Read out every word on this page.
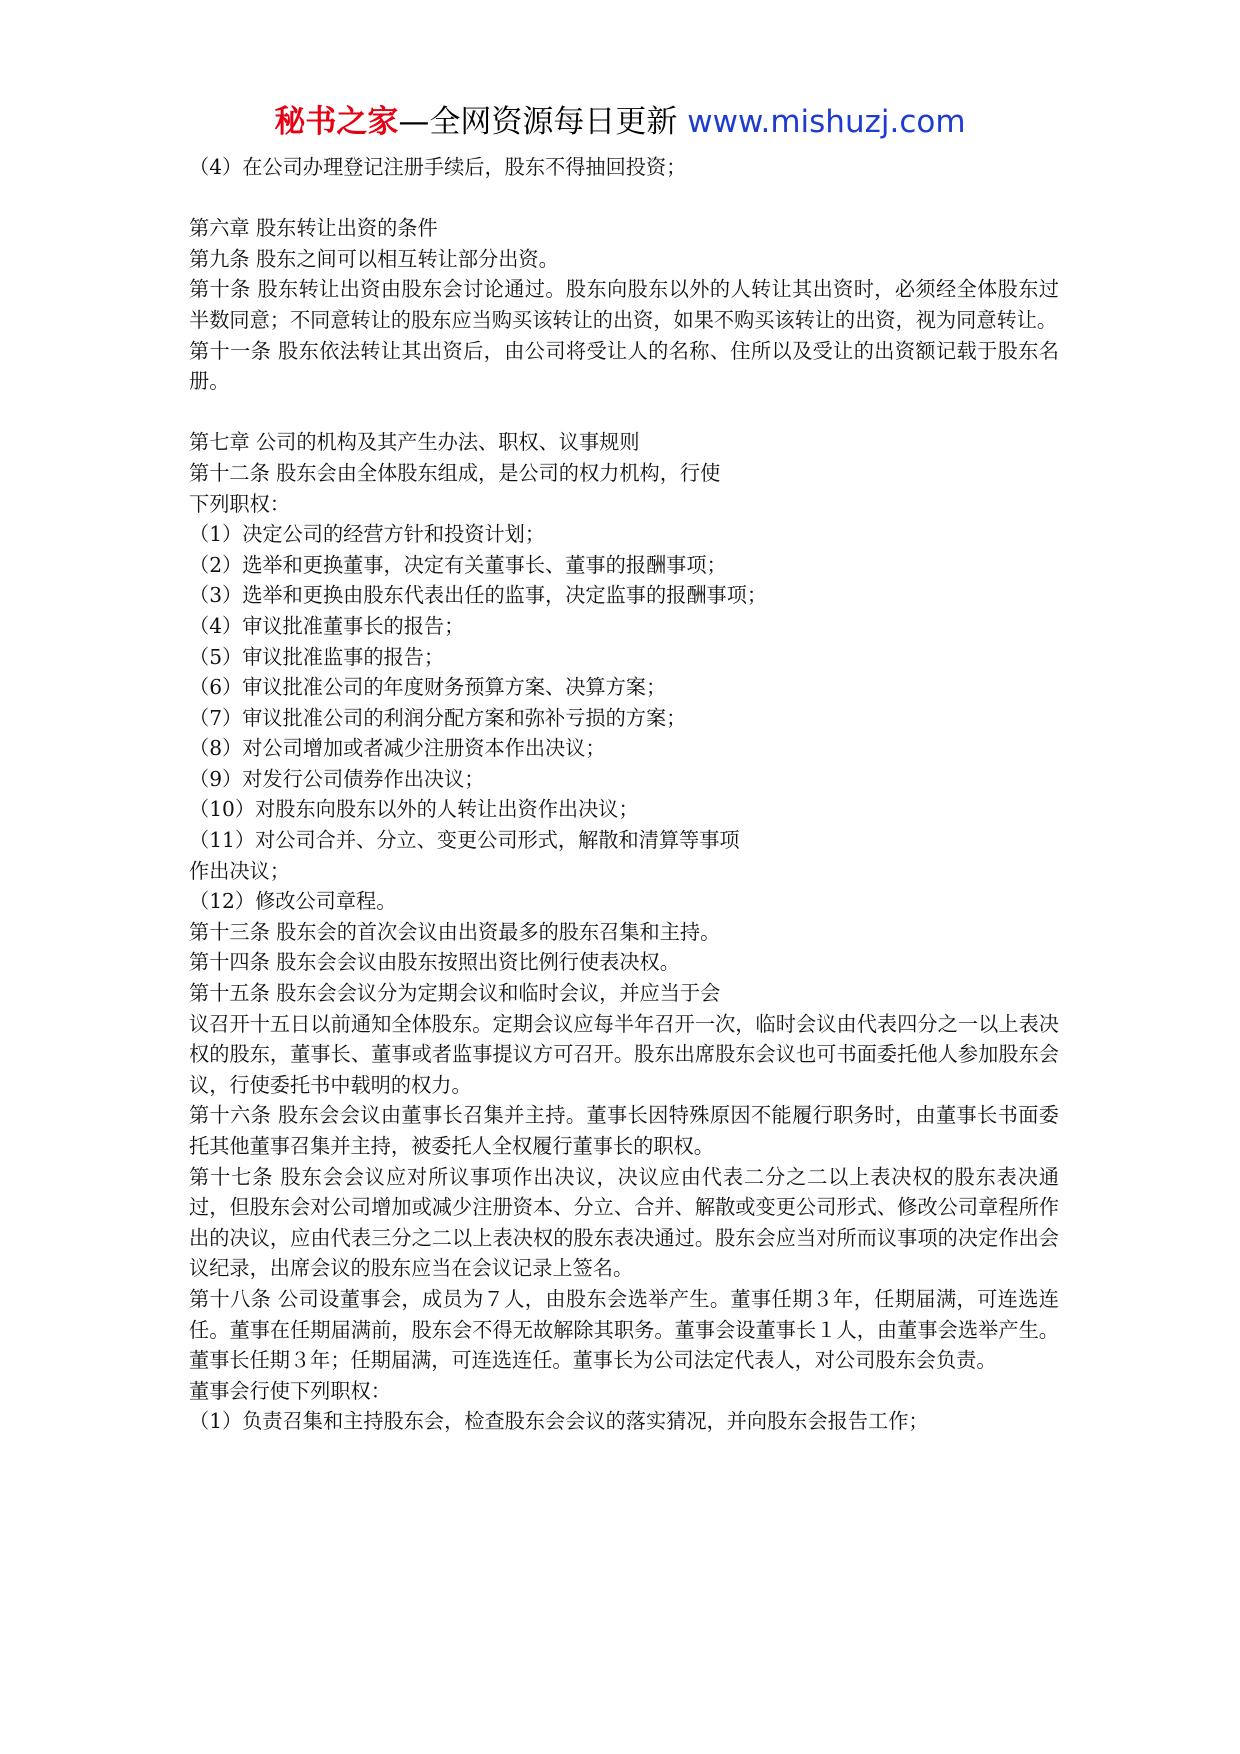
秘书之家—全网资源每日更新 www.mishuzj.com

（4）在公司办理登记注册手续后，股东不得抽回投资；

第六章 股东转让出资的条件

第九条 股东之间可以相互转让部分出资。

第十条 股东转让出资由股东会讨论通过。股东向股东以外的人转让其出资时，必须经全体股东过半数同意；不同意转让的股东应当购买该转让的出资，如果不购买该转让的出资，视为同意转让。

第十一条 股东依法转让其出资后，由公司将受让人的名称、住所以及受让的出资额记载于股东名册。

第七章 公司的机构及其产生办法、职权、议事规则

第十二条 股东会由全体股东组成，是公司的权力机构，行使

下列职权：

（1）决定公司的经营方针和投资计划；

（2）选举和更换董事，决定有关董事长、董事的报酬事项；

（3）选举和更换由股东代表出任的监事，决定监事的报酬事项；

（4）审议批准董事长的报告；

（5）审议批准监事的报告；

（6）审议批准公司的年度财务预算方案、决算方案；

（7）审议批准公司的利润分配方案和弥补亏损的方案；

（8）对公司增加或者减少注册资本作出决议；

（9）对发行公司债券作出决议；

（10）对股东向股东以外的人转让出资作出决议；

（11）对公司合并、分立、变更公司形式，解散和清算等事项

作出决议；

（12）修改公司章程。

第十三条 股东会的首次会议由出资最多的股东召集和主持。

第十四条 股东会会议由股东按照出资比例行使表决权。

第十五条 股东会会议分为定期会议和临时会议，并应当于会

议召开十五日以前通知全体股东。定期会议应每半年召开一次，临时会议由代表四分之一以上表决权的股东，董事长、董事或者监事提议方可召开。股东出席股东会议也可书面委托他人参加股东会议，行使委托书中载明的权力。

第十六条 股东会会议由董事长召集并主持。董事长因特殊原因不能履行职务时，由董事长书面委托其他董事召集并主持，被委托人全权履行董事长的职权。

第十七条 股东会会议应对所议事项作出决议，决议应由代表二分之二以上表决权的股东表决通过，但股东会对公司增加或减少注册资本、分立、合并、解散或变更公司形式、修改公司章程所作出的决议，应由代表三分之二以上表决权的股东表决通过。股东会应当对所而议事项的决定作出会议纪录，出席会议的股东应当在会议记录上签名。

第十八条 公司设董事会，成员为７人，由股东会选举产生。董事任期３年，任期届满，可连选连任。董事在任期届满前，股东会不得无故解除其职务。董事会设董事长１人，由董事会选举产生。董事长任期３年；任期届满，可连选连任。董事长为公司法定代表人，对公司股东会负责。

董事会行使下列职权：

（1）负责召集和主持股东会，检查股东会会议的落实猜况，并向股东会报告工作；
